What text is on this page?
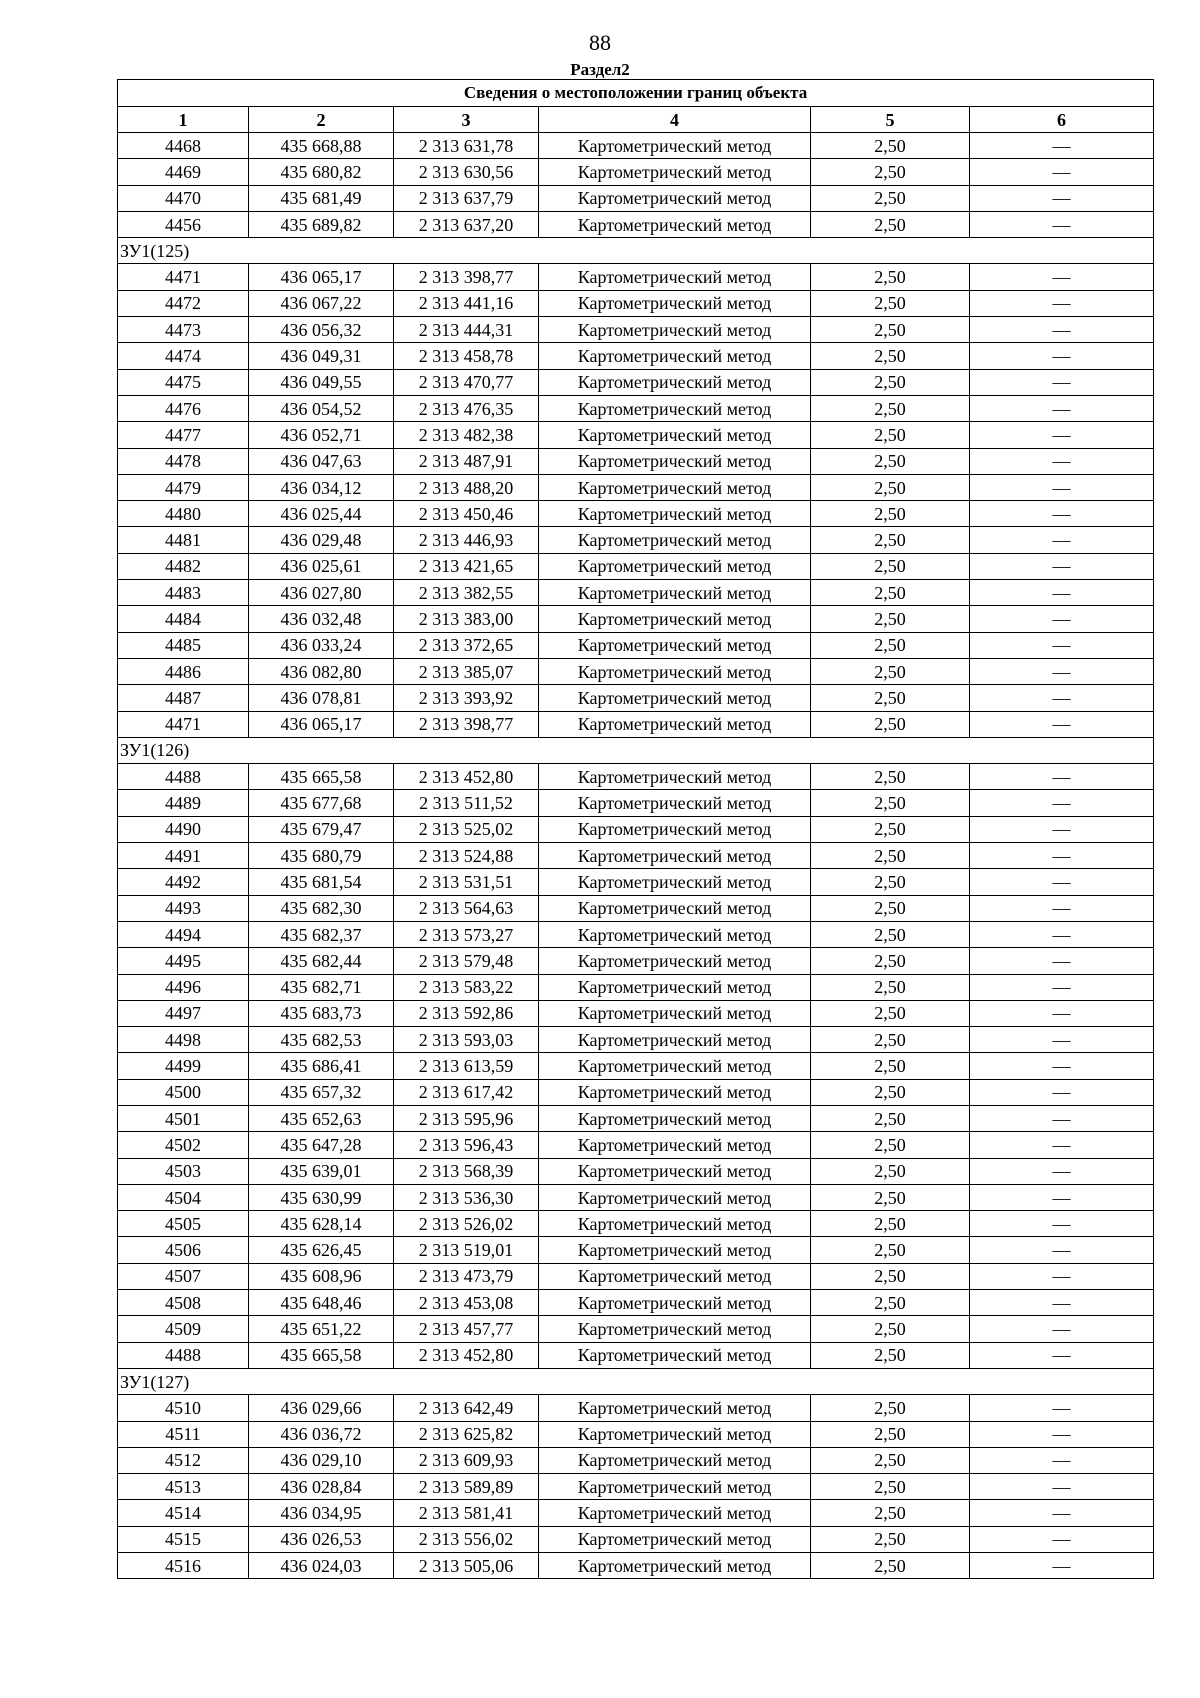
88
Раздел2
Сведения о местоположении границ объекта					
1	2	3	4	5	6
4468	435 668,88	2 313 631,78	Картометрический метод	2,50	—
4469	435 680,82	2 313 630,56	Картометрический метод	2,50	—
4470	435 681,49	2 313 637,79	Картометрический метод	2,50	—
4456	435 689,82	2 313 637,20	Картометрический метод	2,50	—
ЗУ1(125)					
4471	436 065,17	2 313 398,77	Картометрический метод	2,50	—
4472	436 067,22	2 313 441,16	Картометрический метод	2,50	—
4473	436 056,32	2 313 444,31	Картометрический метод	2,50	—
4474	436 049,31	2 313 458,78	Картометрический метод	2,50	—
4475	436 049,55	2 313 470,77	Картометрический метод	2,50	—
4476	436 054,52	2 313 476,35	Картометрический метод	2,50	—
4477	436 052,71	2 313 482,38	Картометрический метод	2,50	—
4478	436 047,63	2 313 487,91	Картометрический метод	2,50	—
4479	436 034,12	2 313 488,20	Картометрический метод	2,50	—
4480	436 025,44	2 313 450,46	Картометрический метод	2,50	—
4481	436 029,48	2 313 446,93	Картометрический метод	2,50	—
4482	436 025,61	2 313 421,65	Картометрический метод	2,50	—
4483	436 027,80	2 313 382,55	Картометрический метод	2,50	—
4484	436 032,48	2 313 383,00	Картометрический метод	2,50	—
4485	436 033,24	2 313 372,65	Картометрический метод	2,50	—
4486	436 082,80	2 313 385,07	Картометрический метод	2,50	—
4487	436 078,81	2 313 393,92	Картометрический метод	2,50	—
4471	436 065,17	2 313 398,77	Картометрический метод	2,50	—
ЗУ1(126)					
4488	435 665,58	2 313 452,80	Картометрический метод	2,50	—
4489	435 677,68	2 313 511,52	Картометрический метод	2,50	—
4490	435 679,47	2 313 525,02	Картометрический метод	2,50	—
4491	435 680,79	2 313 524,88	Картометрический метод	2,50	—
4492	435 681,54	2 313 531,51	Картометрический метод	2,50	—
4493	435 682,30	2 313 564,63	Картометрический метод	2,50	—
4494	435 682,37	2 313 573,27	Картометрический метод	2,50	—
4495	435 682,44	2 313 579,48	Картометрический метод	2,50	—
4496	435 682,71	2 313 583,22	Картометрический метод	2,50	—
4497	435 683,73	2 313 592,86	Картометрический метод	2,50	—
4498	435 682,53	2 313 593,03	Картометрический метод	2,50	—
4499	435 686,41	2 313 613,59	Картометрический метод	2,50	—
4500	435 657,32	2 313 617,42	Картометрический метод	2,50	—
4501	435 652,63	2 313 595,96	Картометрический метод	2,50	—
4502	435 647,28	2 313 596,43	Картометрический метод	2,50	—
4503	435 639,01	2 313 568,39	Картометрический метод	2,50	—
4504	435 630,99	2 313 536,30	Картометрический метод	2,50	—
4505	435 628,14	2 313 526,02	Картометрический метод	2,50	—
4506	435 626,45	2 313 519,01	Картометрический метод	2,50	—
4507	435 608,96	2 313 473,79	Картометрический метод	2,50	—
4508	435 648,46	2 313 453,08	Картометрический метод	2,50	—
4509	435 651,22	2 313 457,77	Картометрический метод	2,50	—
4488	435 665,58	2 313 452,80	Картометрический метод	2,50	—
ЗУ1(127)					
4510	436 029,66	2 313 642,49	Картометрический метод	2,50	—
4511	436 036,72	2 313 625,82	Картометрический метод	2,50	—
4512	436 029,10	2 313 609,93	Картометрический метод	2,50	—
4513	436 028,84	2 313 589,89	Картометрический метод	2,50	—
4514	436 034,95	2 313 581,41	Картометрический метод	2,50	—
4515	436 026,53	2 313 556,02	Картометрический метод	2,50	—
4516	436 024,03	2 313 505,06	Картометрический метод	2,50	—
